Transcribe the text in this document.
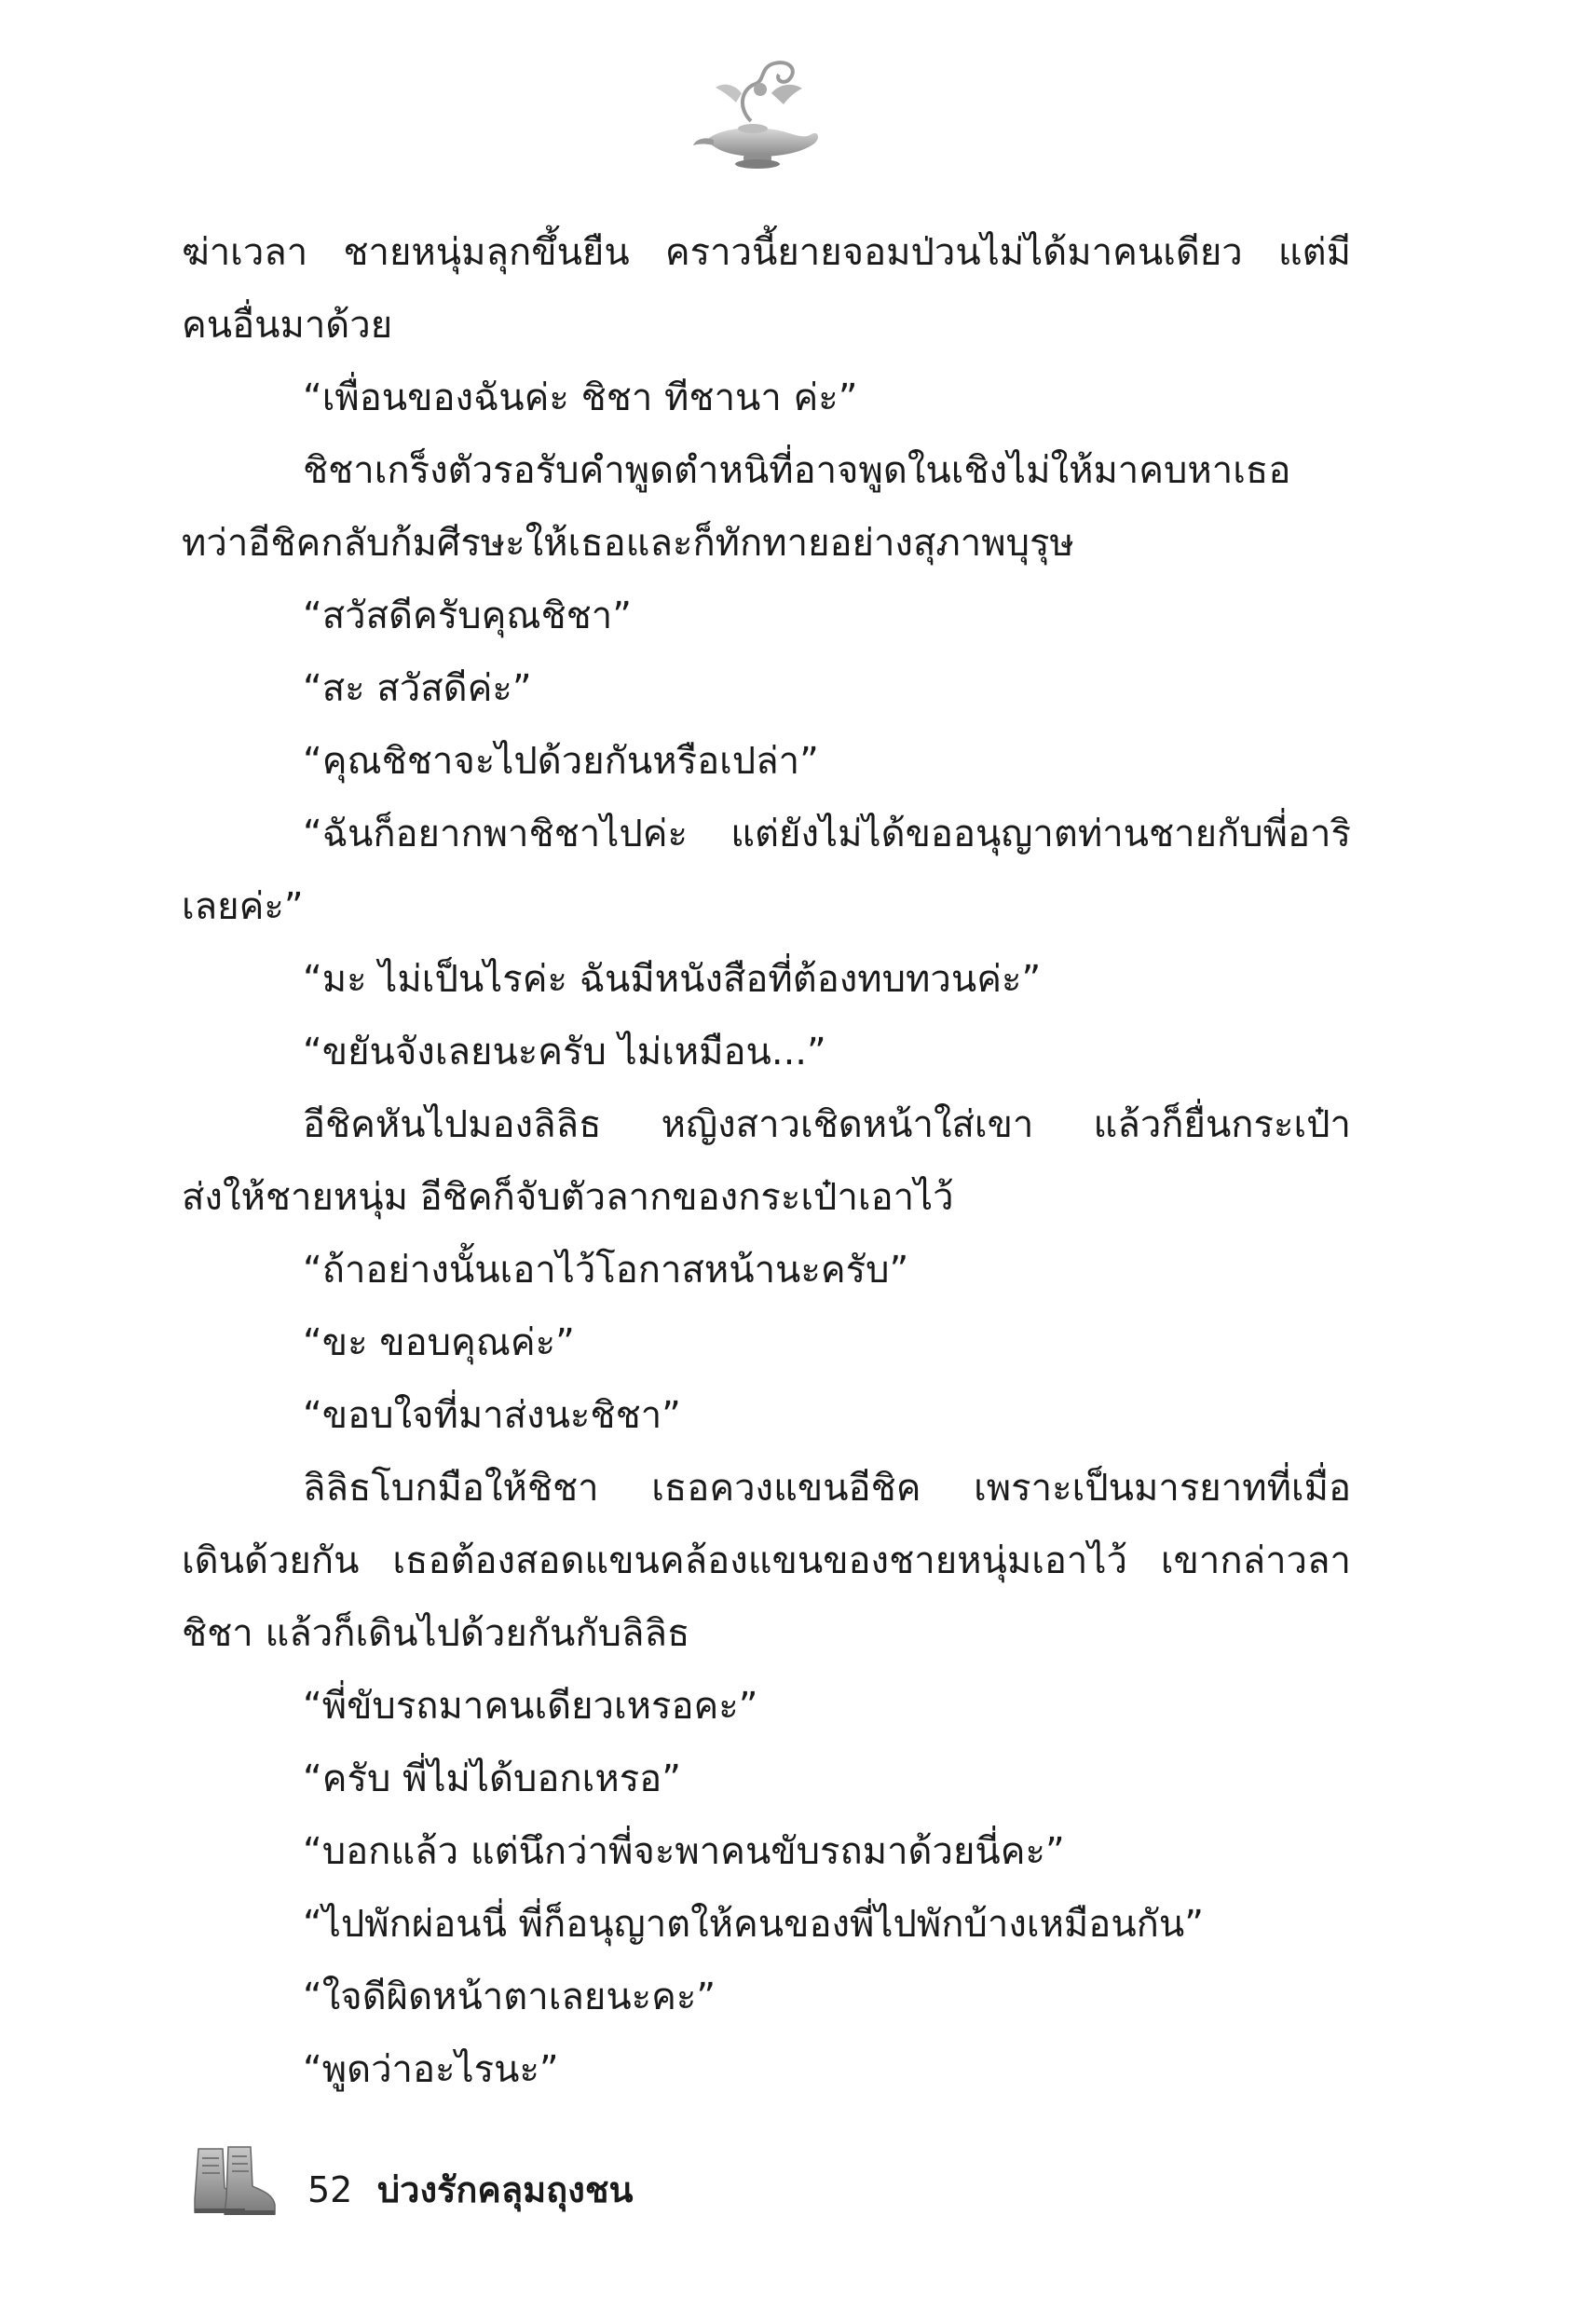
ฆ่าเวลา ชายหนุ่มลุกขึ้นยืน คราวนี้ยายจอมป่วนไม่ได้มาคนเดียว แต่มี
คนอื่นมาด้วย
“เพื่อนของฉันค่ะ ชิชา ทีชานา ค่ะ”
ชิชาเกร็งตัวรอรับคำพูดตำหนิที่อาจพูดในเชิงไม่ให้มาคบหาเธอ
ทว่าอีชิคกลับก้มศีรษะให้เธอและก็ทักทายอย่างสุภาพบุรุษ
“สวัสดีครับคุณชิชา”
“สะ สวัสดีค่ะ”
“คุณชิชาจะไปด้วยกันหรือเปล่า”
“ฉันก็อยากพาชิชาไปค่ะ แต่ยังไม่ได้ขออนุญาตท่านชายกับพี่อาริ
เลยค่ะ”
“มะ ไม่เป็นไรค่ะ ฉันมีหนังสือที่ต้องทบทวนค่ะ”
“ขยันจังเลยนะครับ ไม่เหมือน...”
อีชิคหันไปมองลิลิธ หญิงสาวเชิดหน้าใส่เขา แล้วก็ยื่นกระเป๋า
ส่งให้ชายหนุ่ม อีชิคก็จับตัวลากของกระเป๋าเอาไว้
“ถ้าอย่างนั้นเอาไว้โอกาสหน้านะครับ”
“ขะ ขอบคุณค่ะ”
“ขอบใจที่มาส่งนะชิชา”
ลิลิธโบกมือให้ชิชา เธอควงแขนอีชิค เพราะเป็นมารยาทที่เมื่อ
เดินด้วยกัน เธอต้องสอดแขนคล้องแขนของชายหนุ่มเอาไว้ เขากล่าวลา
ชิชา แล้วก็เดินไปด้วยกันกับลิลิธ
“พี่ขับรถมาคนเดียวเหรอคะ”
“ครับ พี่ไม่ได้บอกเหรอ”
“บอกแล้ว แต่นึกว่าพี่จะพาคนขับรถมาด้วยนี่คะ”
“ไปพักผ่อนนี่ พี่ก็อนุญาตให้คนของพี่ไปพักบ้างเหมือนกัน”
“ใจดีผิดหน้าตาเลยนะคะ”
“พูดว่าอะไรนะ”
52 บ่วงรักคลุมถุงชน
